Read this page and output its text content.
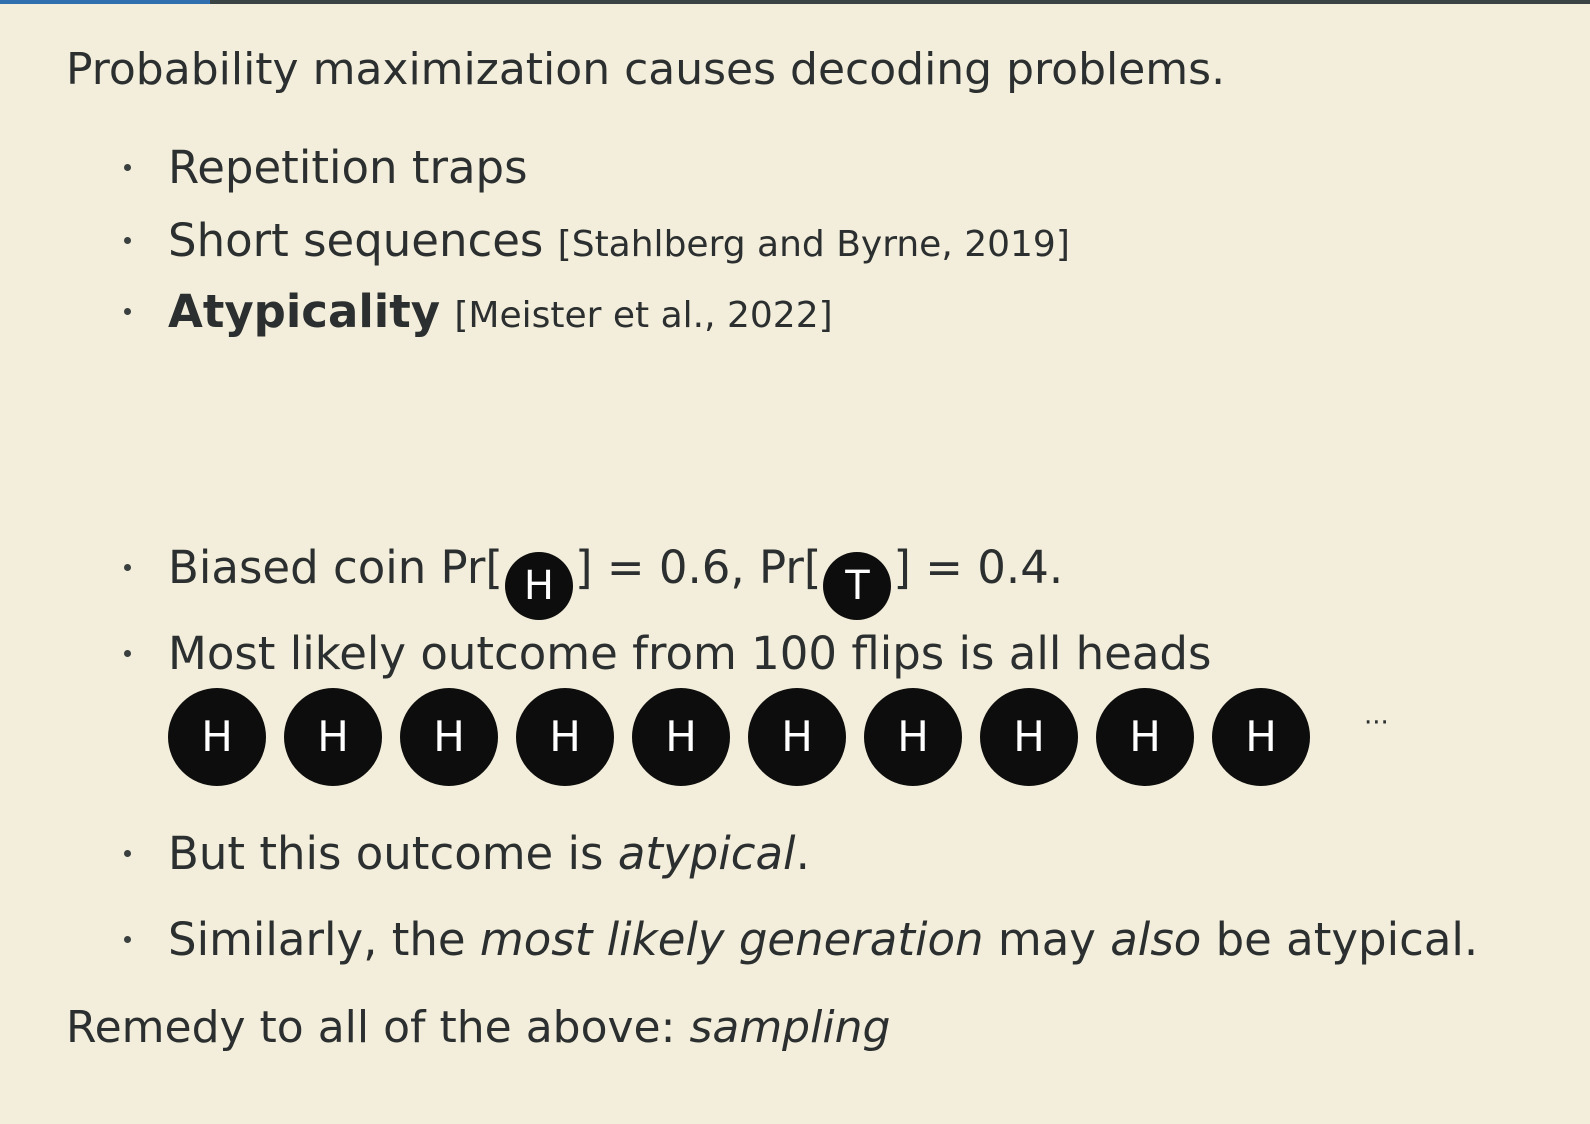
Probability maximization causes decoding problems.
Repetition traps
Short sequences [Stahlberg and Byrne, 2019]
Atypicality [Meister et al., 2022]
Biased coin Pr[ H ] = 0.6, Pr[ T ] = 0.4.
Most likely outcome from 100 flips is all heads
But this outcome is atypical.
Similarly, the most likely generation may also be atypical.
···
H	H	H	H	H	H	H	H	H	H
Remedy to all of the above: sampling
